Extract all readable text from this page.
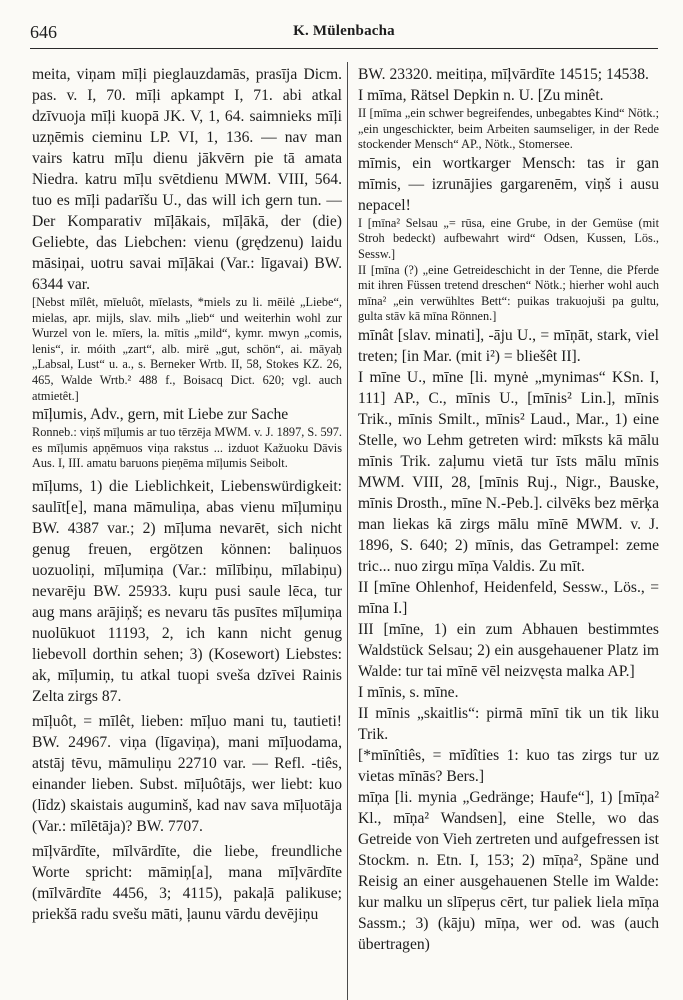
646	K. Mülenbacha

meita, viņam mīļi pieglauzdamās, prasīja Dicm. pas. v. I, 70. mīļi apkampt I, 71. abi atkal dzīvuoja mīļi kuopā JK. V, 1, 64. saimnieks mīļi uzņēmis cieminu LP. VI, 1, 136. — nav man vairs katru mīļu dienu jākvērn pie tā amata Niedra. katru mīļu svētdienu MWM. VIII, 564. tuo es mīļi padarīšu U., das will ich gern tun. — Der Komparativ mīļākais, mīļākā, der (die) Geliebte, das Liebchen: vienu (grędzenu) laidu māsiņai, uotru savai mīļākai (Var.: līgavai) BW. 6344 var.

[Nebst mīlêt, mīeluôt, mīelasts, *miels zu li. mēilė „Liebe“, mielas, apr. mijls, slav. milъ „lieb“ und weiterhin wohl zur Wurzel von le. mīers, la. mītis „mild“, kymr. mwyn „comis, lenis“, ir. móith „zart“, alb. mirë „gut, schön“, ai. māyaḥ „Labsal, Lust“ u. a., s. Berneker Wrtb. II, 58, Stokes KZ. 26, 465, Walde Wrtb.² 488 f., Boisacq Dict. 620; vgl. auch atmietêt.]

mīļumis, Adv., gern, mit Liebe zur Sache

Ronneb.: viņš mīļumis ar tuo tērzēja MWM. v. J. 1897, S. 597. es mīļumis apņēmuos viņa rakstus ... izduot Kažuoku Dāvis Aus. I, III. amatu baruons pieņēma mīļumis Seibolt.

mīļums, 1) die Lieblichkeit, Liebenswürdigkeit: saulīt[e], mana māmuliņa, abas vienu mīļumiņu BW. 4387 var.; 2) mīļuma nevarēt, sich nicht genug freuen, ergötzen können: baliņuos uozuoliņi, mīļumiņa (Var.: mīlībiņu, mīlabiņu) nevarēju BW. 25933. kuŗu pusi saule lēca, tur aug mans arājiņš; es nevaru tās pusītes mīļumiņa nuolūkuot 11193, 2, ich kann nicht genug liebevoll dorthin sehen; 3) (Kosewort) Liebstes: ak, mīļumiņ, tu atkal tuopi sveša dzīvei Rainis Zelta zirgs 87.

mīļuôt, = mīlêt, lieben: mīļuo mani tu, tautieti! BW. 24967. viņa (līgaviņa), mani mīļuodama, atstāj tēvu, māmuliņu 22710 var. — Refl. -tiês, einander lieben. Subst. mīļuôtājs, wer liebt: kuo (līdz) skaistais auguminš, kad nav sava mīļuotāja (Var.: mīlētāja)? BW. 7707.

mīļvārdīte, mīlvārdīte, die liebe, freundliche Worte spricht: māmiņ[a], mana mīļvārdīte (mīlvārdīte 4456, 3; 4115), pakaļā palikuse; priekšā radu svešu māti, ļaunu vārdu devējiņu

BW. 23320. meitiņa, mīļvārdīte 14515; 14538.

I mīma, Rätsel Depkin n. U. [Zu minêt.

II [mīma „ein schwer begreifendes, unbegabtes Kind“ Nötk.; „ein ungeschickter, beim Arbeiten saumseliger, in der Rede stockender Mensch“ AP., Nötk., Stomersee.

mīmis, ein wortkarger Mensch: tas ir gan mīmis, — izrunājies gargarenēm, viņš i ausu nepacel!

I [mīna² Selsau „= rūsa, eine Grube, in der Gemüse (mit Stroh bedeckt) aufbewahrt wird“ Odsen, Kussen, Lös., Sessw.]

II [mīna (?) „eine Getreideschicht in der Tenne, die Pferde mit ihren Füssen tretend dreschen“ Nötk.; hierher wohl auch mīna² „ein verwühltes Bett“: puikas trakuojuši pa gultu, gulta stāv kā mīna Rönnen.]

mīnât [slav. minati], -āju U., = mīņāt, stark, viel treten; [in Mar. (mit i²) = bliešêt II].

I mīne U., mīne [li. mynė „mynimas“ KSn. I, 111] AP., C., mīnis U., [mīnis² Lin.], mīnis Trik., mīnis Smilt., mīnis² Laud., Mar., 1) eine Stelle, wo Lehm getreten wird: mīksts kā mālu mīnis Trik. zaļumu vietā tur īsts mālu mīnis MWM. VIII, 28, [mīnis Ruj., Nigr., Bauske, mīnis Drosth., mīne N.-Peb.]. cilvēks bez mērķa man liekas kā zirgs mālu mīnē MWM. v. J. 1896, S. 640; 2) mīnis, das Getrampel: zeme tric... nuo zirgu mīņa Valdis. Zu mīt.

II [mīne Ohlenhof, Heidenfeld, Sessw., Lös., = mīna I.]

III [mīne, 1) ein zum Abhauen bestimmtes Waldstück Selsau; 2) ein ausgehauener Platz im Walde: tur tai mīnē vēl neizvęsta malka AP.]

I mīnis, s. mīne.

II mīnis „skaitlis“: pirmā mīnī tik un tik liku Trik.

[*mīnîtiês, = mīdîties 1: kuo tas zirgs tur uz vietas mīnās? Bers.]

mīņa [li. mynia „Gedränge; Haufe“], 1) [mīņa² Kl., mīņa² Wandsen], eine Stelle, wo das Getreide von Vieh zertreten und aufgefressen ist Stockm. n. Etn. I, 153; 2) mīņa², Späne und Reisig an einer ausgehauenen Stelle im Walde: kur malku un slīpeŗus cērt, tur paliek liela mīņa Sassm.; 3) (kāju) mīņa, wer od. was (auch übertragen)
